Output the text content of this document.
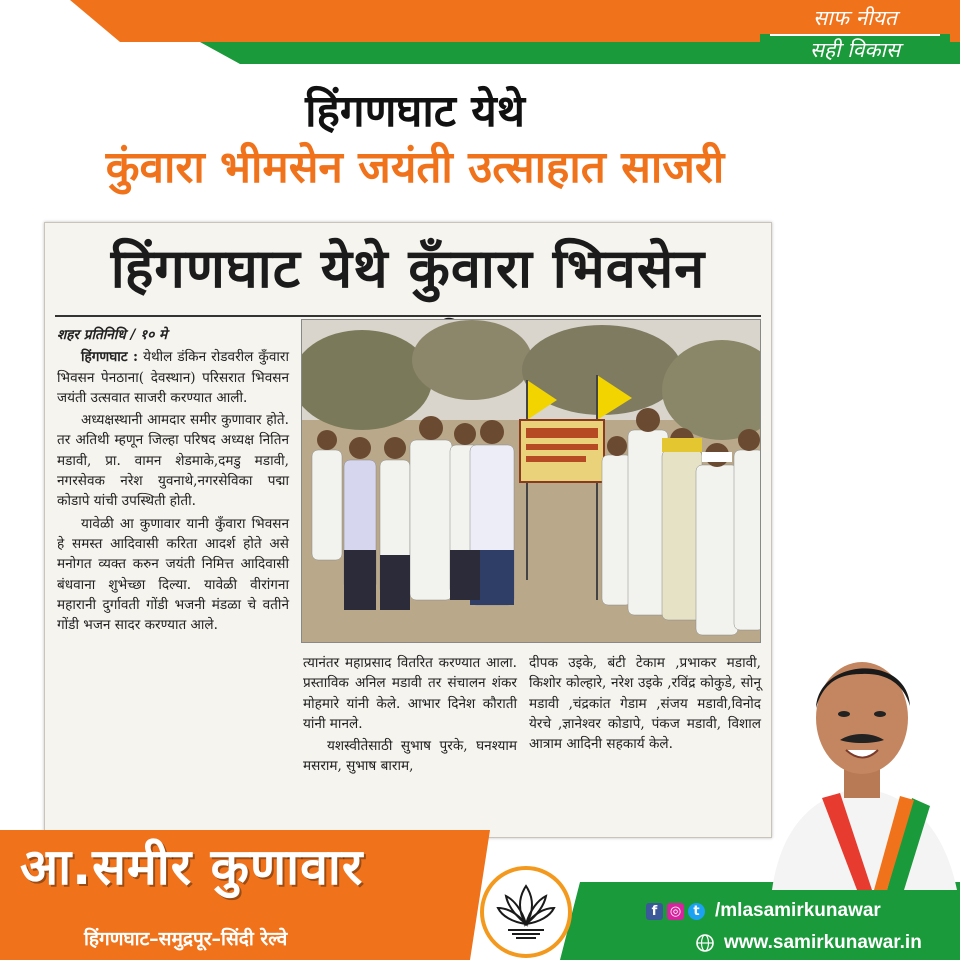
साफ नीयत
सही विकास
हिंगणघाट येथे
कुंवारा भीमसेन जयंती उत्साहात साजरी
हिंगणघाट येथे कुँवारा भिवसेन

शहर प्रतिनिधि / १० मे

हिंगणघाट : येथील डंकिन रोडवरील कुँवारा भिवसन पेनठाना( देवस्थान) परिसरात भिवसन जयंती उत्सवात साजरी करण्यात आली.

अध्यक्षस्थानी आमदार समीर कुणावार होते. तर अतिथी म्हणून जिल्हा परिषद अध्यक्ष नितिन मडावी, प्रा. वामन शेडमाके,दमडु मडावी, नगरसेवक नरेश युवनाथे,नगरसेविका पद्मा कोडापे यांची उपस्थिती होती.

यावेळी आ कुणावार यानी कुँवारा भिवसन हे समस्त आदिवासी करिता आदर्श होते असे मनोगत व्यक्त करुन जयंती निमित्त आदिवासी बंधवाना शुभेच्छा दिल्या. यावेळी वीरांगना महारानी दुर्गावती गोंडी भजनी मंडळा चे वतीने गोंडी भजन सादर करण्यात आले.

त्यानंतर महाप्रसाद वितरित करण्यात आला. प्रस्ताविक अनिल मडावी तर संचालन शंकर मोहमारे यांनी केले. आभार दिनेश कौराती यांनी मानले.

यशस्वीतेसाठी सुभाष पुरके, घनश्याम मसराम, सुभाष बाराम,

दीपक उइके, बंटी टेकाम ,प्रभाकर मडावी, किशोर कोल्हारे, नरेश उइके ,रविंद्र कोकुडे, सोनू मडावी ,चंद्रकांत गेडाम ,संजय मडावी,विनोद येरचे ,ज्ञानेश्वर कोडापे, पंकज मडावी, विशाल आत्राम आदिनी सहकार्य केले.

आ.समीर कुणावार
हिंगणघाट–समुद्रपूर–सिंदी रेल्वे
f ◎ t /mlasamirkunawar
www.samirkunawar.in
